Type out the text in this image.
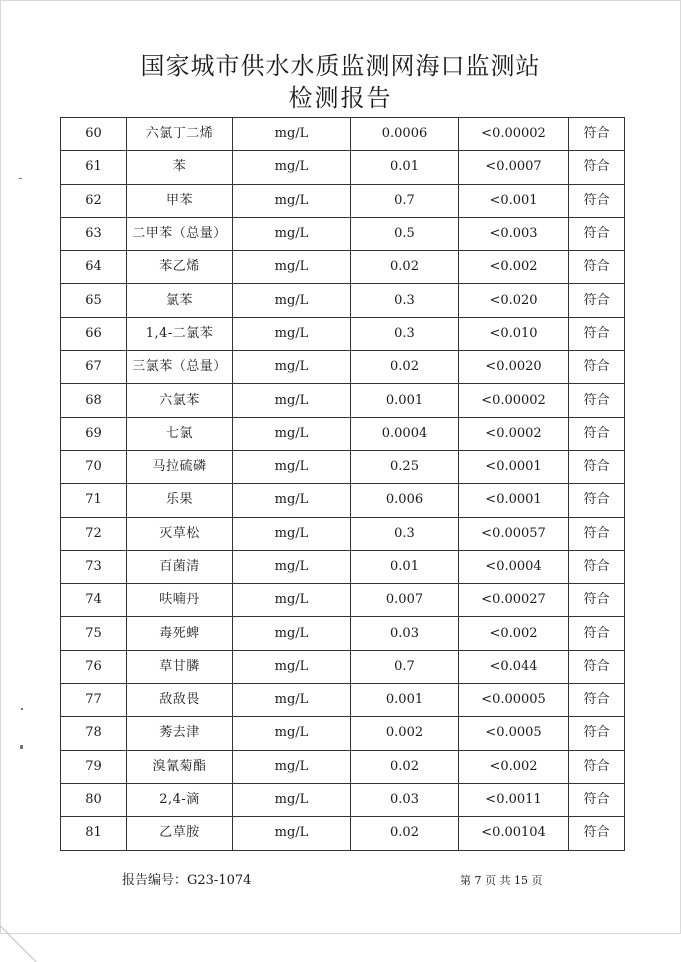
国家城市供水水质监测网海口监测站
检测报告
60	六氯丁二烯	mg/L	0.0006	<0.00002	符合
61	苯	mg/L	0.01	<0.0007	符合
62	甲苯	mg/L	0.7	<0.001	符合
63	二甲苯（总量）	mg/L	0.5	<0.003	符合
64	苯乙烯	mg/L	0.02	<0.002	符合
65	氯苯	mg/L	0.3	<0.020	符合
66	1,4-二氯苯	mg/L	0.3	<0.010	符合
67	三氯苯（总量）	mg/L	0.02	<0.0020	符合
68	六氯苯	mg/L	0.001	<0.00002	符合
69	七氯	mg/L	0.0004	<0.0002	符合
70	马拉硫磷	mg/L	0.25	<0.0001	符合
71	乐果	mg/L	0.006	<0.0001	符合
72	灭草松	mg/L	0.3	<0.00057	符合
73	百菌清	mg/L	0.01	<0.0004	符合
74	呋喃丹	mg/L	0.007	<0.00027	符合
75	毒死蜱	mg/L	0.03	<0.002	符合
76	草甘膦	mg/L	0.7	<0.044	符合
77	敌敌畏	mg/L	0.001	<0.00005	符合
78	莠去津	mg/L	0.002	<0.0005	符合
79	溴氰菊酯	mg/L	0.02	<0.002	符合
80	2,4-滴	mg/L	0.03	<0.0011	符合
81	乙草胺	mg/L	0.02	<0.00104	符合
报告编号：G23-1074	第 7 页 共 15 页
